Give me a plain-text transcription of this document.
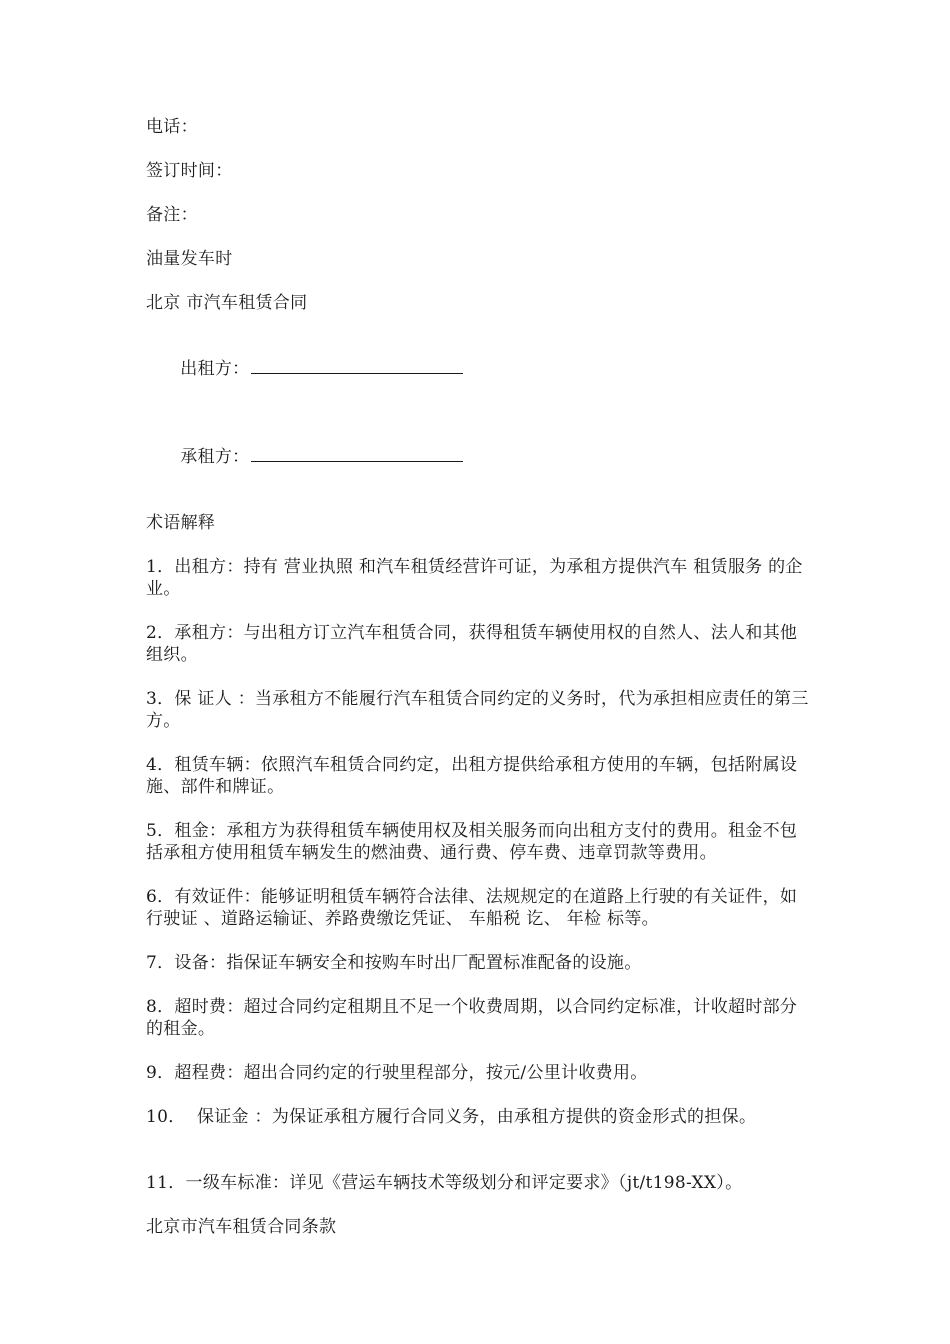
电话：
签订时间：
备注：
油量发车时
北京 市汽车租赁合同

出租方：

承租方：

术语解释
1．出租方：持有 营业执照 和汽车租赁经营许可证，为承租方提供汽车 租赁服务 的企业。
2．承租方：与出租方订立汽车租赁合同，获得租赁车辆使用权的自然人、法人和其他组织。
3．保 证人 ：当承租方不能履行汽车租赁合同约定的义务时，代为承担相应责任的第三方。
4．租赁车辆：依照汽车租赁合同约定，出租方提供给承租方使用的车辆，包括附属设施、部件和牌证。
5．租金：承租方为获得租赁车辆使用权及相关服务而向出租方支付的费用。租金不包括承租方使用租赁车辆发生的燃油费、通行费、停车费、违章罚款等费用。
6．有效证件：能够证明租赁车辆符合法律、法规规定的在道路上行驶的有关证件，如 行驶证 、道路运输证、养路费缴讫凭证、 车船税 讫、 年检 标等。
7．设备：指保证车辆安全和按购车时出厂配置标准配备的设施。
8．超时费：超过合同约定租期且不足一个收费周期，以合同约定标准，计收超时部分的租金。
9．超程费：超出合同约定的行驶里程部分，按元/公里计收费用。
10．  保证金 ：为保证承租方履行合同义务，由承租方提供的资金形式的担保。
11．一级车标准：详见《营运车辆技术等级划分和评定要求》（jt/t198-XX）。
北京市汽车租赁合同条款
